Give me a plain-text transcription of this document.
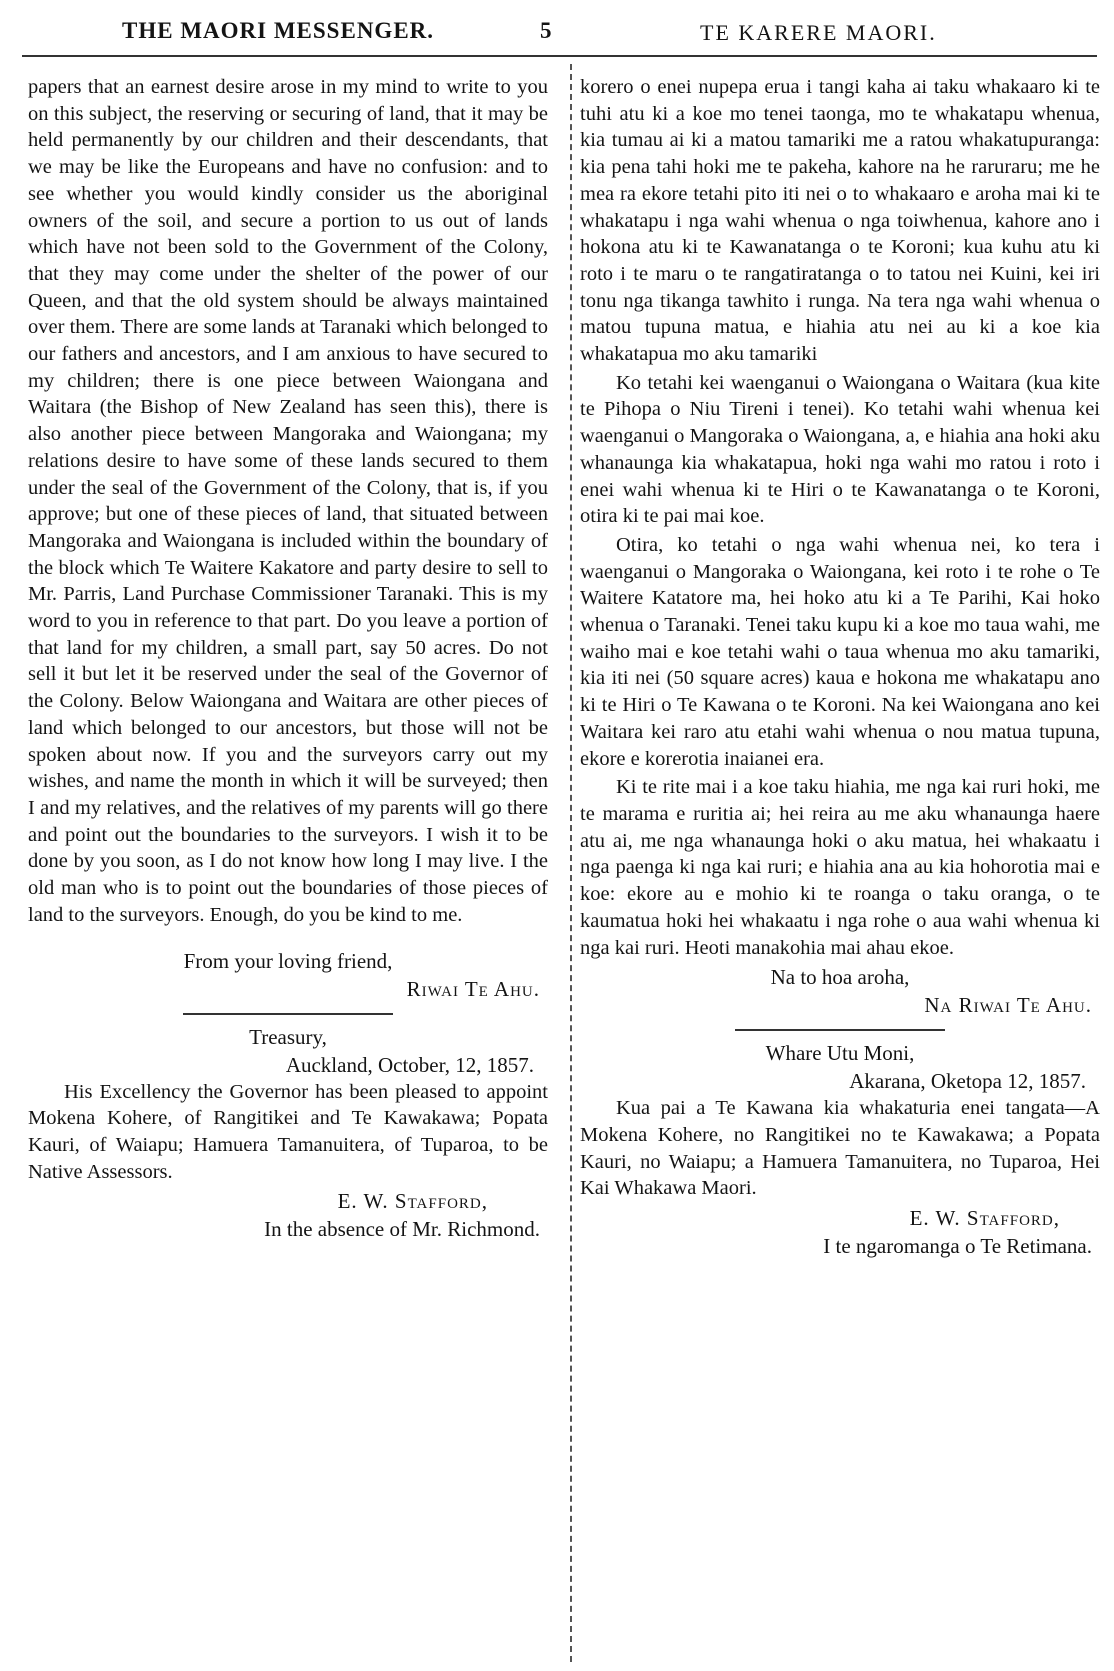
THE MAORI MESSENGER.	5	TE KARERE MAORI.

papers that an earnest desire arose in my mind to write to you on this subject, the reserving or securing of land, that it may be held permanently by our children and their descendants, that we may be like the Europeans and have no confusion: and to see whether you would kindly consider us the aboriginal owners of the soil, and secure a portion to us out of lands which have not been sold to the Government of the Colony, that they may come under the shelter of the power of our Queen, and that the old system should be always maintained over them. There are some lands at Taranaki which belonged to our fathers and ancestors, and I am anxious to have secured to my children; there is one piece between Waiongana and Waitara (the Bishop of New Zealand has seen this), there is also another piece between Mangoraka and Waiongana; my relations desire to have some of these lands secured to them under the seal of the Government of the Colony, that is, if you approve; but one of these pieces of land, that situated between Mangoraka and Waiongana is included within the boundary of the block which Te Waitere Kakatore and party desire to sell to Mr. Parris, Land Purchase Commissioner Taranaki. This is my word to you in reference to that part. Do you leave a portion of that land for my children, a small part, say 50 acres. Do not sell it but let it be reserved under the seal of the Governor of the Colony. Below Waiongana and Waitara are other pieces of land which belonged to our ancestors, but those will not be spoken about now. If you and the surveyors carry out my wishes, and name the month in which it will be surveyed; then I and my relatives, and the relatives of my parents will go there and point out the boundaries to the surveyors. I wish it to be done by you soon, as I do not know how long I may live. I the old man who is to point out the boundaries of those pieces of land to the surveyors. Enough, do you be kind to me.

From your loving friend,

Riwai Te Ahu.

Treasury,

Auckland, October, 12, 1857.

His Excellency the Governor has been pleased to appoint Mokena Kohere, of Rangitikei and Te Kawakawa; Popata Kauri, of Waiapu; Hamuera Tamanuitera, of Tuparoa, to be Native Assessors.

E. W. Stafford,

In the absence of Mr. Richmond.

korero o enei nupepa erua i tangi kaha ai taku whakaaro ki te tuhi atu ki a koe mo tenei taonga, mo te whakatapu whenua, kia tumau ai ki a matou tamariki me a ratou whakatupuranga: kia pena tahi hoki me te pakeha, kahore na he raruraru; me he mea ra ekore tetahi pito iti nei o to whakaaro e aroha mai ki te whakatapu i nga wahi whenua o nga toiwhenua, kahore ano i hokona atu ki te Kawanatanga o te Koroni; kua kuhu atu ki roto i te maru o te rangatiratanga o to tatou nei Kuini, kei iri tonu nga tikanga tawhito i runga. Na tera nga wahi whenua o matou tupuna matua, e hiahia atu nei au ki a koe kia whakatapua mo aku tamariki

Ko tetahi kei waenganui o Waiongana o Waitara (kua kite te Pihopa o Niu Tireni i tenei). Ko tetahi wahi whenua kei waenganui o Mangoraka o Waiongana, a, e hiahia ana hoki aku whanaunga kia whakatapua, hoki nga wahi mo ratou i roto i enei wahi whenua ki te Hiri o te Kawanatanga o te Koroni, otira ki te pai mai koe.

Otira, ko tetahi o nga wahi whenua nei, ko tera i waenganui o Mangoraka o Waiongana, kei roto i te rohe o Te Waitere Katatore ma, hei hoko atu ki a Te Parihi, Kai hoko whenua o Taranaki. Tenei taku kupu ki a koe mo taua wahi, me waiho mai e koe tetahi wahi o taua whenua mo aku tamariki, kia iti nei (50 square acres) kaua e hokona me whakatapu ano ki te Hiri o Te Kawana o te Koroni. Na kei Waiongana ano kei Waitara kei raro atu etahi wahi whenua o nou matua tupuna, ekore e korerotia inaianei era.

Ki te rite mai i a koe taku hiahia, me nga kai ruri hoki, me te marama e ruritia ai; hei reira au me aku whanaunga haere atu ai, me nga whanaunga hoki o aku matua, hei whakaatu i nga paenga ki nga kai ruri; e hiahia ana au kia hohorotia mai e koe: ekore au e mohio ki te roanga o taku oranga, o te kaumatua hoki hei whakaatu i nga rohe o aua wahi whenua ki nga kai ruri. Heoti manakohia mai ahau ekoe.

Na to hoa aroha,

Na Riwai Te Ahu.

Whare Utu Moni,

Akarana, Oketopa 12, 1857.

Kua pai a Te Kawana kia whakaturia enei tangata—A Mokena Kohere, no Rangitikei no te Kawakawa; a Popata Kauri, no Waiapu; a Hamuera Tamanuitera, no Tuparoa, Hei Kai Whakawa Maori.

E. W. Stafford,

I te ngaromanga o Te Retimana.
